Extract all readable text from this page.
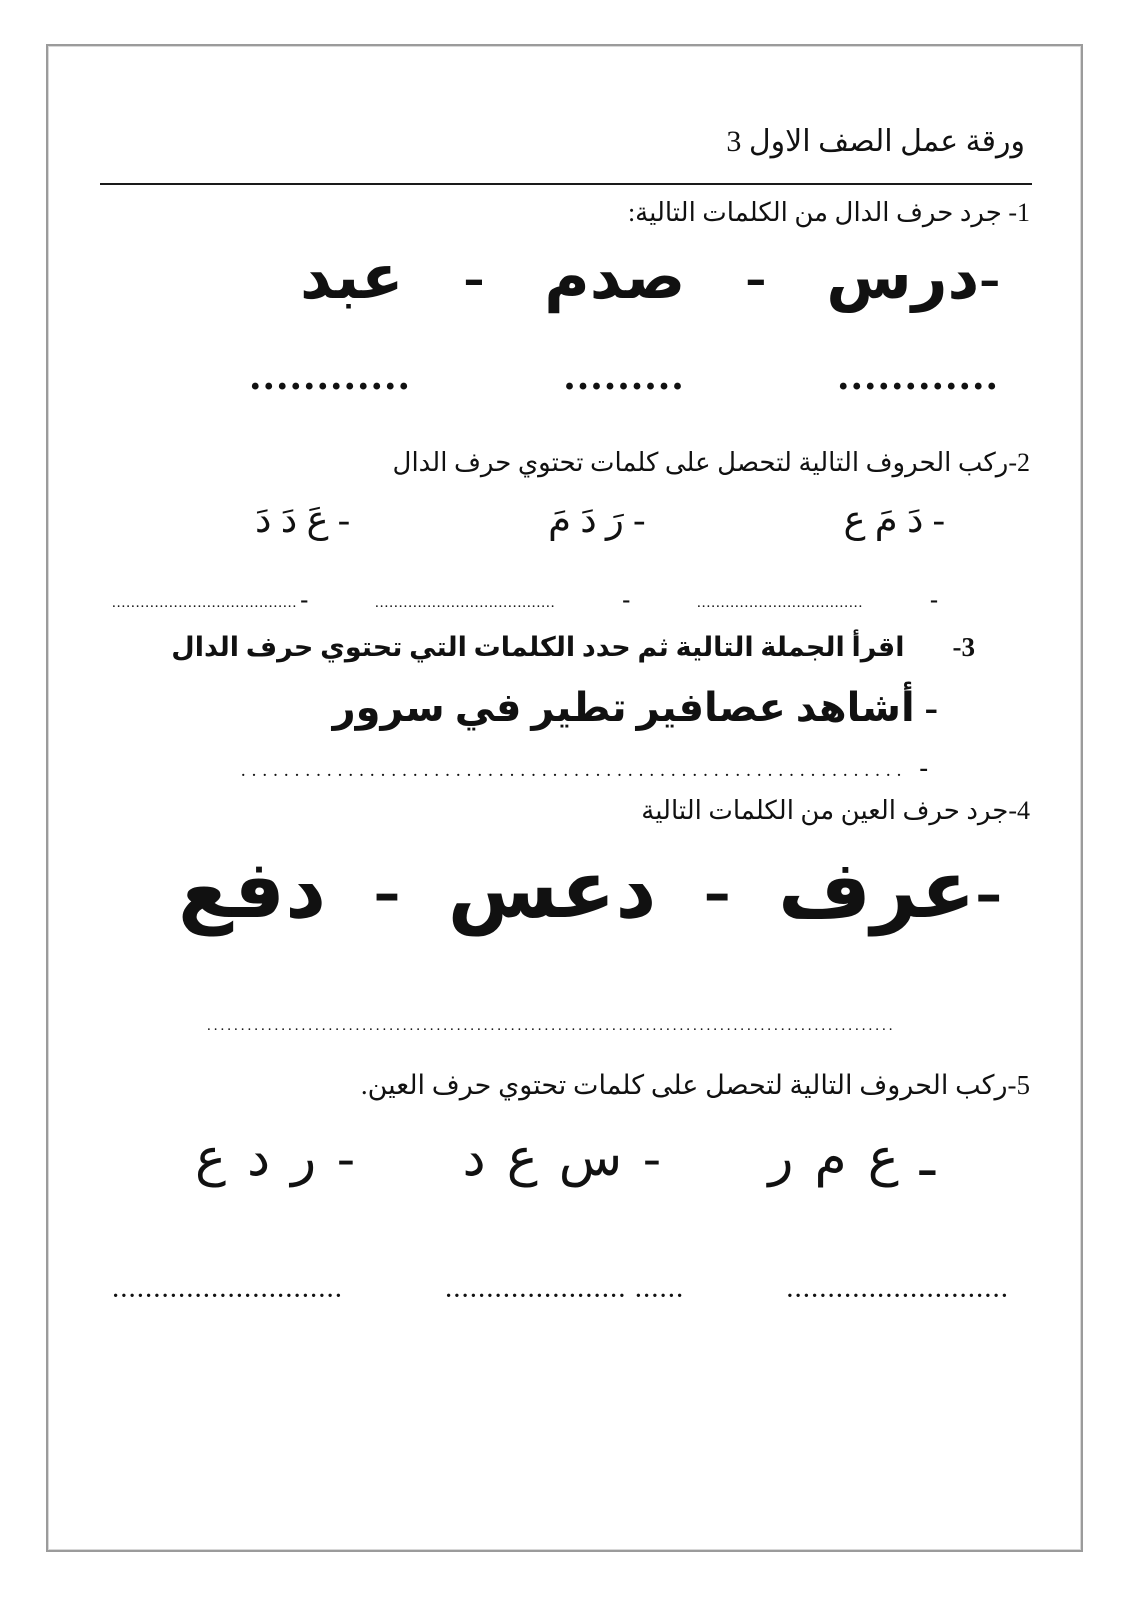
ورقة عمل الصف الاول 3
1- جرد حرف الدال من الكلمات التالية:
-درس
-
صدم
-
عبد
............	.........	............
2-ركب الحروف التالية لتحصل على كلمات تحتوي حرف الدال
- دَ مَ ع
- رَ دَ مَ
- عَ دَ دَ
-
...................................
-
......................................
-
.......................................
3-
اقرأ الجملة التالية ثم حدد الكلمات التي تحتوي حرف الدال
- أشاهد عصافير تطير في سرور
-
..............................................................
4-جرد حرف العين من الكلمات التالية
-عرف
-
دعس
-
دفع
......................................................................................................
5-ركب الحروف التالية لتحصل على كلمات تحتوي حرف العين.
ـ ع م ر
- س ع د
- ر د ع
............................	...................... ......	...........................
